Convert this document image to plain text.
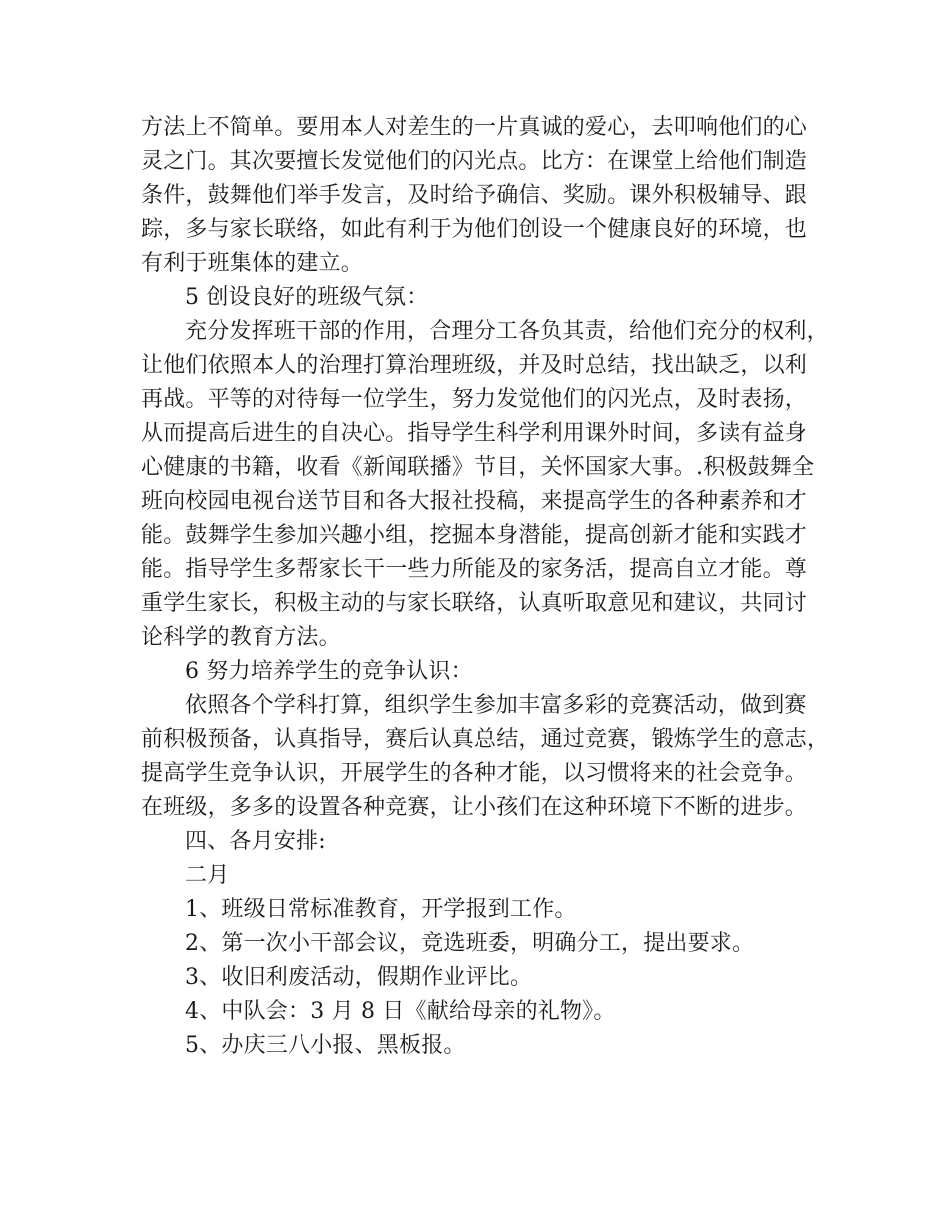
方法上不简单。要用本人对差生的一片真诚的爱心，去叩响他们的心
灵之门。其次要擅长发觉他们的闪光点。比方：在课堂上给他们制造
条件，鼓舞他们举手发言，及时给予确信、奖励。课外积极辅导、跟
踪，多与家长联络，如此有利于为他们创设一个健康良好的环境，也
有利于班集体的建立。
5 创设良好的班级气氛：
充分发挥班干部的作用，合理分工各负其责，给他们充分的权利，
让他们依照本人的治理打算治理班级，并及时总结，找出缺乏，以利
再战。平等的对待每一位学生，努力发觉他们的闪光点，及时表扬，
从而提高后进生的自决心。指导学生科学利用课外时间，多读有益身
心健康的书籍，收看《新闻联播》节目，关怀国家大事。.积极鼓舞全
班向校园电视台送节目和各大报社投稿，来提高学生的各种素养和才
能。鼓舞学生参加兴趣小组，挖掘本身潜能，提高创新才能和实践才
能。指导学生多帮家长干一些力所能及的家务活，提高自立才能。尊
重学生家长，积极主动的与家长联络，认真听取意见和建议，共同讨
论科学的教育方法。
6 努力培养学生的竞争认识：
依照各个学科打算，组织学生参加丰富多彩的竞赛活动，做到赛
前积极预备，认真指导，赛后认真总结，通过竞赛，锻炼学生的意志，
提高学生竞争认识，开展学生的各种才能，以习惯将来的社会竞争。
在班级，多多的设置各种竞赛，让小孩们在这种环境下不断的进步。
四、各月安排:
二月
1、班级日常标准教育，开学报到工作。
2、第一次小干部会议，竞选班委，明确分工，提出要求。
3、收旧利废活动，假期作业评比。
4、中队会：3 月 8 日《献给母亲的礼物》。
5、办庆三八小报、黑板报。
